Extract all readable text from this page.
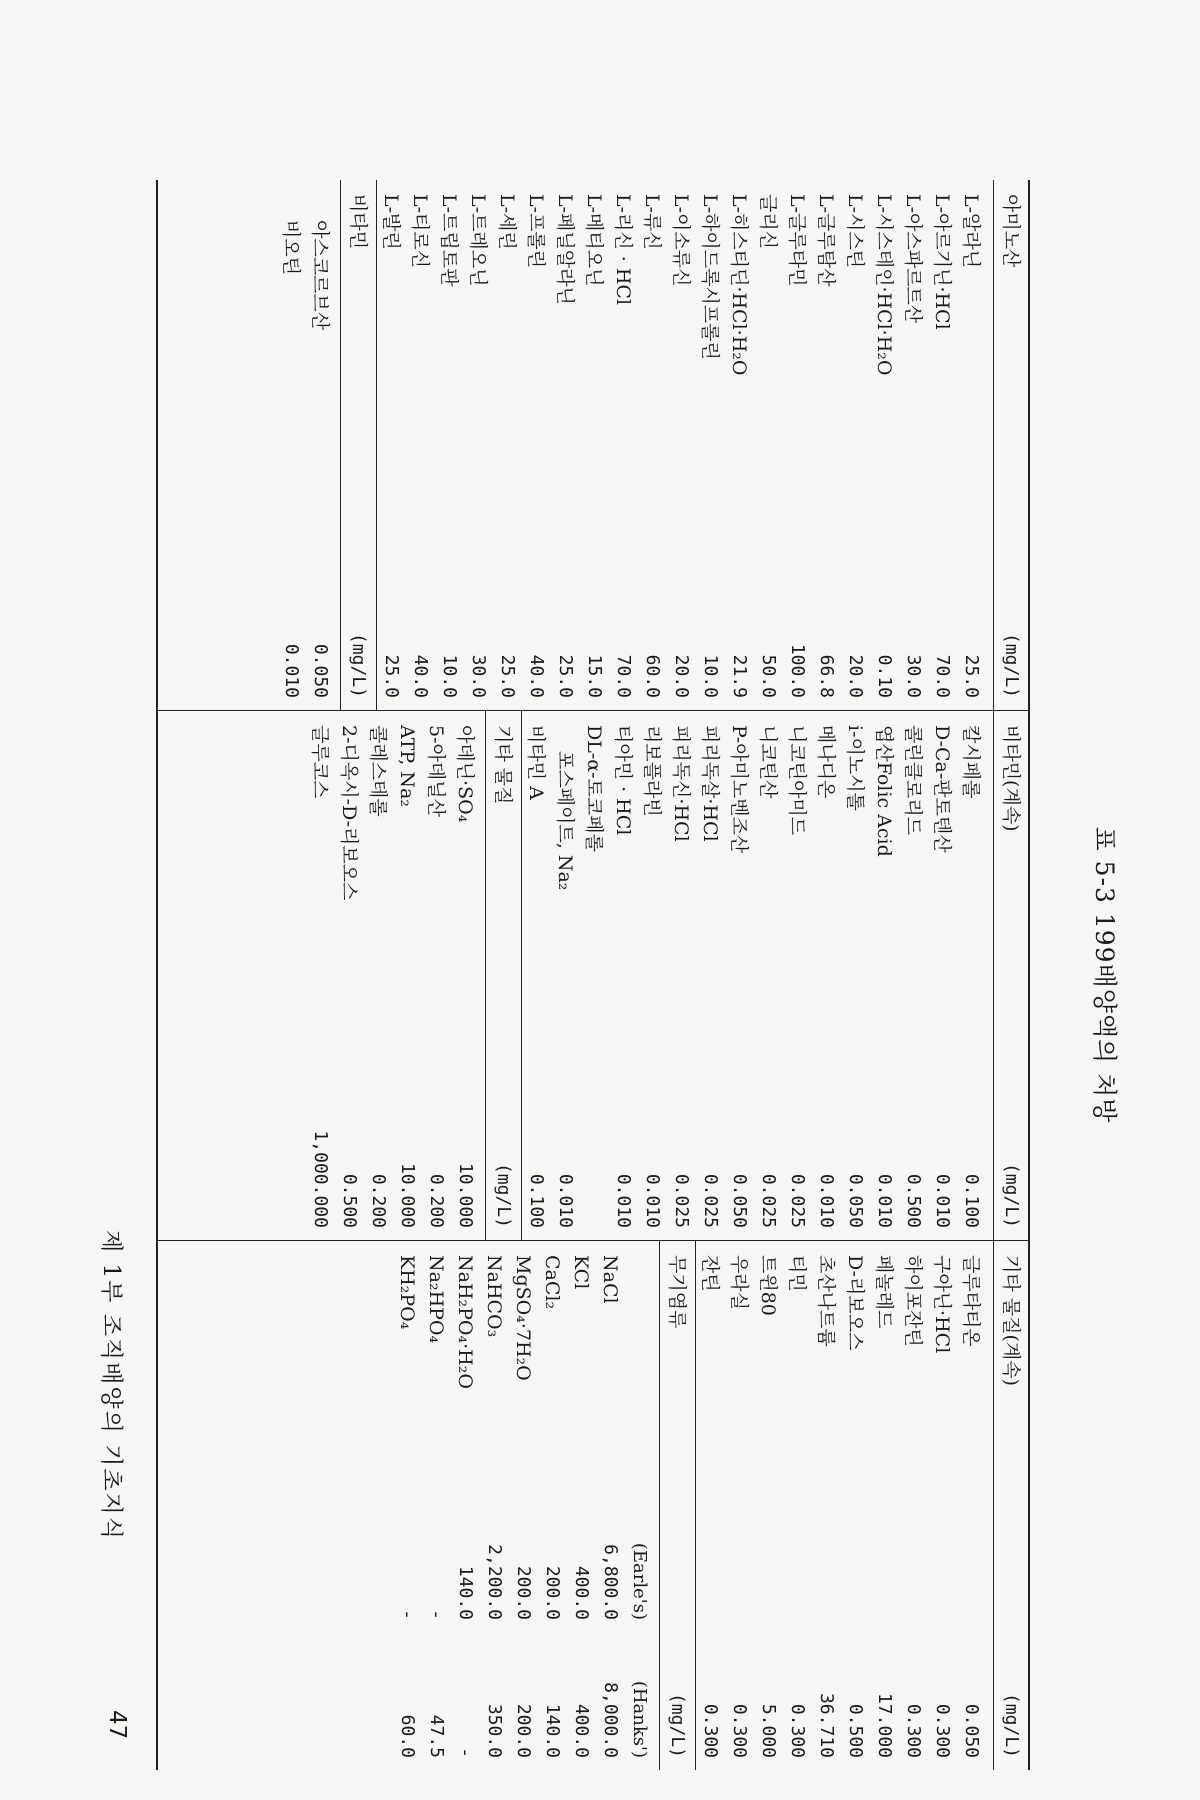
표 5-3 199배양액의 처방
아미노산
(mg/L)
L-알라닌
25.0
L-아르기닌·HCl
70.0
L-아스파르트산
30.0
L-시스테인·HCl·H₂O
0.10
L-시스틴
20.0
L-글루탐산
66.8
L-글루타민
100.0
글리신
50.0
L-히스티딘·HCl·H₂O
21.9
L-하이드록시프롤린
10.0
L-이소류신
20.0
L-류신
60.0
L-리신 · HCl
70.0
L-메티오닌
15.0
L-페닐알라닌
25.0
L-프롤린
40.0
L-세린
25.0
L-트레오닌
30.0
L-트립토판
10.0
L-티로신
40.0
L-발린
25.0
비타민
(mg/L)
아스코르브산
0.050
비오틴
0.010
비타민(계속)
(mg/L)
칼시페롤
0.100
D-Ca-판토텐산
0.010
콜린클로리드
0.500
엽산Folic Acid
0.010
i-이노시톨
0.050
메나디온
0.010
니코틴아미드
0.025
니코틴산
0.025
P-아미노벤조산
0.050
피리독살·HCl
0.025
피리독신·HCl
0.025
리보플라빈
0.010
티아민 · HCl
0.010
DL-α-토코페롤
포스페이트, Na₂
0.010
비타민 A
0.100
기타 물질
(mg/L)
아데닌·SO₄
10.000
5-아데닐산
0.200
ATP, Na₂
10.000
콜레스테롤
0.200
2-디옥시-D-리보오스
0.500
글루코스
1,000.000
기타 물질(계속)
(mg/L)
글루타티온
0.050
구아닌·HCl
0.300
하이포잔틴
0.300
페놀레드
17.000
D-리보오스
0.500
초산나트륨
36.710
티민
0.300
트윈80
5.000
우라실
0.300
잔틴
0.300
무기염류
(mg/L)
(Earle's)
(Hanks')
NaCl
6,800.0
8,000.0
KCl
400.0
400.0
CaCl₂
200.0
140.0
MgSO₄·7H₂O
200.0
200.0
NaHCO₃
2,200.0
350.0
NaH₂PO₄·H₂O
140.0
-
Na₂HPO₄
-
47.5
KH₂PO₄
-
60.0
제 1부 조직배양의 기초지식
47
